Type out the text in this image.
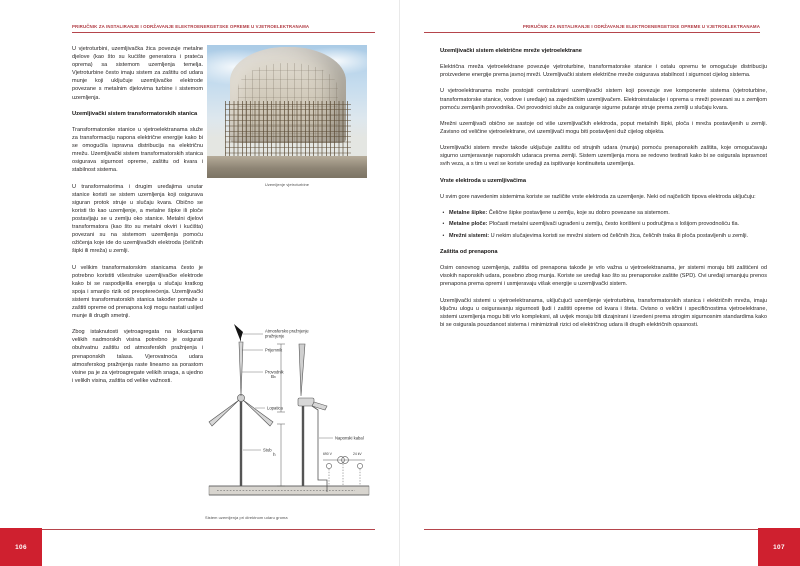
PRIRUČNIK ZA INSTALIRANJE I ODRŽAVANJE ELEKTROENERGETSKE OPREME U VJETROELEKTRANAMA
Uzemljenje vjetroturbine

U vjetroturbini, uzemljivačka žica povezuje metalne djelove (kao što su kućište generatora i prateća oprema) sa sistemom uzemljenja temelja. Vjetroturbine često imaju sistem za zaštitu od udara munje koji uključuje uzemljivačke elektrode povezane s metalnim djelovima turbine i sistemom uzemljenja.

Uzemljivački sistem transformatorskih stanica

Transformatorske stanice u vjetroelektranama služe za transformaciju napona električne energije kako bi se omogućila ispravna distribucija na električnu mrežu. Uzemljivački sistem transformatorskih stanica osigurava sigurnost opreme, zaštitu od kvara i stabilnost sistema.

U transformatorima i drugim uređajima unutar stanice koristi se sistem uzemljenja koji osigurava siguran protok struje u slučaju kvara. Obično se koristi tlo kao uzemljenje, a metalne šipke ili ploče postavljaju se u zemlju oko stanice. Metalni djelovi transformatora (kao što su metalni okviri i kućišta) povezani su na sistemom uzemljenja pomoću ožičenja koje ide do uzemljivačkih elektroda (čeličnih šipki ili mreža) u zemlji.

U velikim transformatorskim stanicama često je potrebno koristiti višestruke uzemljivačke elektrode kako bi se raspodijelila energija u slučaju kratkog spoja i smanjio rizik od preopterećenja. Uzemljivački sistemi transformatorskih stanica također pomaže u zaštiti opreme od prenapona koji mogu nastati uslijed munje ili drugih smetnji.

Zbog istaknutosti vjetroagregata na lokacijama velikih nadmorskih visina potrebno je osigurati obuhvatnu zaštitu od atmosferskih pražnjenja i prenaponskih talasa. Vjerovatnoća udara atmosferskog pražnjenja raste linearno sa porastom visine pa je za vjetroagregate velikih snaga, a ujedno i velikih visina, zaštita od velike važnosti.

Atmosfersko pražnjenje
pražnjenje
Prijemnik
Provodnik
Lopatica
Stub
Naponski kabal
Bₕ
h	690 V	24 kV
Sistem uzemljenja pri direktnom udaru groma
106
PRIRUČNIK ZA INSTALIRANJE I ODRŽAVANJE ELEKTROENERGETSKE OPREME U VJETROELEKTRANAMA
Uzemljivački sistem električne mreže vjetroelektrane

Električna mreža vjetroelektrane povezuje vjetroturbine, transformatorske stanice i ostalu opremu te omogućuje distribuciju proizvedene energije prema javnoj mreži. Uzemljivački sistem električne mreže osigurava stabilnost i sigurnost cijelog sistema.

U vjetroelektranama može postojati centralizirani uzemljivački sistem koji povezuje sve komponente sistema (vjetroturbine, transformatorske stanice, vodove i uređaje) sa zajedničkim uzemljivačem. Elektroinstalacije i oprema u mreži povezani su s zemljom pomoću zemljanih provodnika. Ovi provodnici služe za osiguranje sigurne putanje struje prema zemlji u slučaju kvara.

Mrežni uzemljivači obično se sastoje od više uzemljivačkih elektroda, poput metalnih šipki, ploča i mreža postavljenih u zemlji. Zavisno od veličine vjetroelektrane, ovi uzemljivači mogu biti postavljeni duž cijelog objekta.

Uzemljivački sistem mreže takođe uključuje zaštitu od strujnih udara (munja) pomoću prenaponskih zaštita, koje omogućavaju sigurno usmjeravanje naponskih udaraca prema zemlji. Sistem uzemljenja mora se redovno testirati kako bi se osigurala ispravnost svih veza, a s tim u vezi se koriste uređaji za ispitivanje kontinuiteta uzemljenja.

Vrste elektroda u uzemljivačima

U svim gore navedenim sistemima koriste se različite vrste elektroda za uzemljenje. Neki od najčešćih tipova elektroda uključuju:

• Metalne šipke: Čelične šipke postavljene u zemlju, koje su dobro povezane sa sistemom.
• Metalne ploče: Pločasti metalni uzemljivači ugrađeni u zemlju, često korišteni u područjima s lošijom provodnošću tla.
• Mrežni sistemi: U nekim slučajevima koristi se mrežni sistem od čeličnih žica, čeličnih traka ili ploča postavljenih u zemlji.
Zaštita od prenapona

Osim osnovnog uzemljenja, zaštita od prenapona takođe je vrlo važna u vjetroelektranama, jer sistemi moraju biti zaštićeni od visokih naponskih udara, posebno zbog munja. Koriste se uređaji kao što su prenaponske zaštite (SPD). Ovi uređaji smanjuju prenos prenapona prema opremi i usmjeravaju višak energije u uzemljivački sistem.

Uzemljivački sistemi u vjetroelektranama, uključujući uzemljenje vjetroturbina, transformatorskih stanica i električnih mreža, imaju ključnu ulogu u osiguravanju sigurnosti ljudi i zaštiti opreme od kvara i šteta. Ovisno o veličini i specifičnostima vjetroelektrane, sistemi uzemljenja mogu biti vrlo kompleksni, ali uvijek moraju biti dizajnirani i izvedeni prema strogim sigurnosnim standardima kako bi se osigurala pouzdanost sistema i minimizirali rizici od električnog udara ili drugih električnih opasnosti.

107
